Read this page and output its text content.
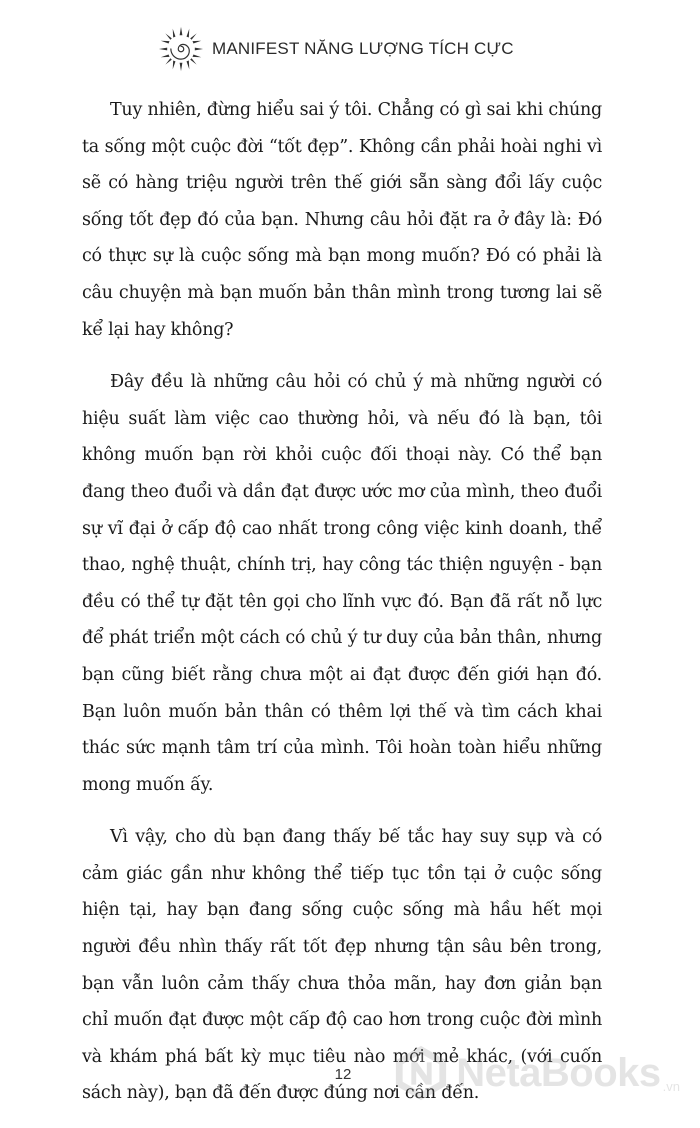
MANIFEST NĂNG LƯỢNG TÍCH CỰC

Tuy nhiên, đừng hiểu sai ý tôi. Chẳng có gì sai khi chúng ta sống một cuộc đời “tốt đẹp”. Không cần phải hoài nghi vì sẽ có hàng triệu người trên thế giới sẵn sàng đổi lấy cuộc sống tốt đẹp đó của bạn. Nhưng câu hỏi đặt ra ở đây là: Đó có thực sự là cuộc sống mà bạn mong muốn? Đó có phải là câu chuyện mà bạn muốn bản thân mình trong tương lai sẽ kể lại hay không?

Đây đều là những câu hỏi có chủ ý mà những người có hiệu suất làm việc cao thường hỏi, và nếu đó là bạn, tôi không muốn bạn rời khỏi cuộc đối thoại này. Có thể bạn đang theo đuổi và dần đạt được ước mơ của mình, theo đuổi sự vĩ đại ở cấp độ cao nhất trong công việc kinh doanh, thể thao, nghệ thuật, chính trị, hay công tác thiện nguyện - bạn đều có thể tự đặt tên gọi cho lĩnh vực đó. Bạn đã rất nỗ lực để phát triển một cách có chủ ý tư duy của bản thân, nhưng bạn cũng biết rằng chưa một ai đạt được đến giới hạn đó. Bạn luôn muốn bản thân có thêm lợi thế và tìm cách khai thác sức mạnh tâm trí của mình. Tôi hoàn toàn hiểu những mong muốn ấy.

Vì vậy, cho dù bạn đang thấy bế tắc hay suy sụp và có cảm giác gần như không thể tiếp tục tồn tại ở cuộc sống hiện tại, hay bạn đang sống cuộc sống mà hầu hết mọi người đều nhìn thấy rất tốt đẹp nhưng tận sâu bên trong, bạn vẫn luôn cảm thấy chưa thỏa mãn, hay đơn giản bạn chỉ muốn đạt được một cấp độ cao hơn trong cuộc đời mình và khám phá bất kỳ mục tiêu nào mới mẻ khác, (với cuốn sách này), bạn đã đến được đúng nơi cần đến.

12	NetaBooks .vn
